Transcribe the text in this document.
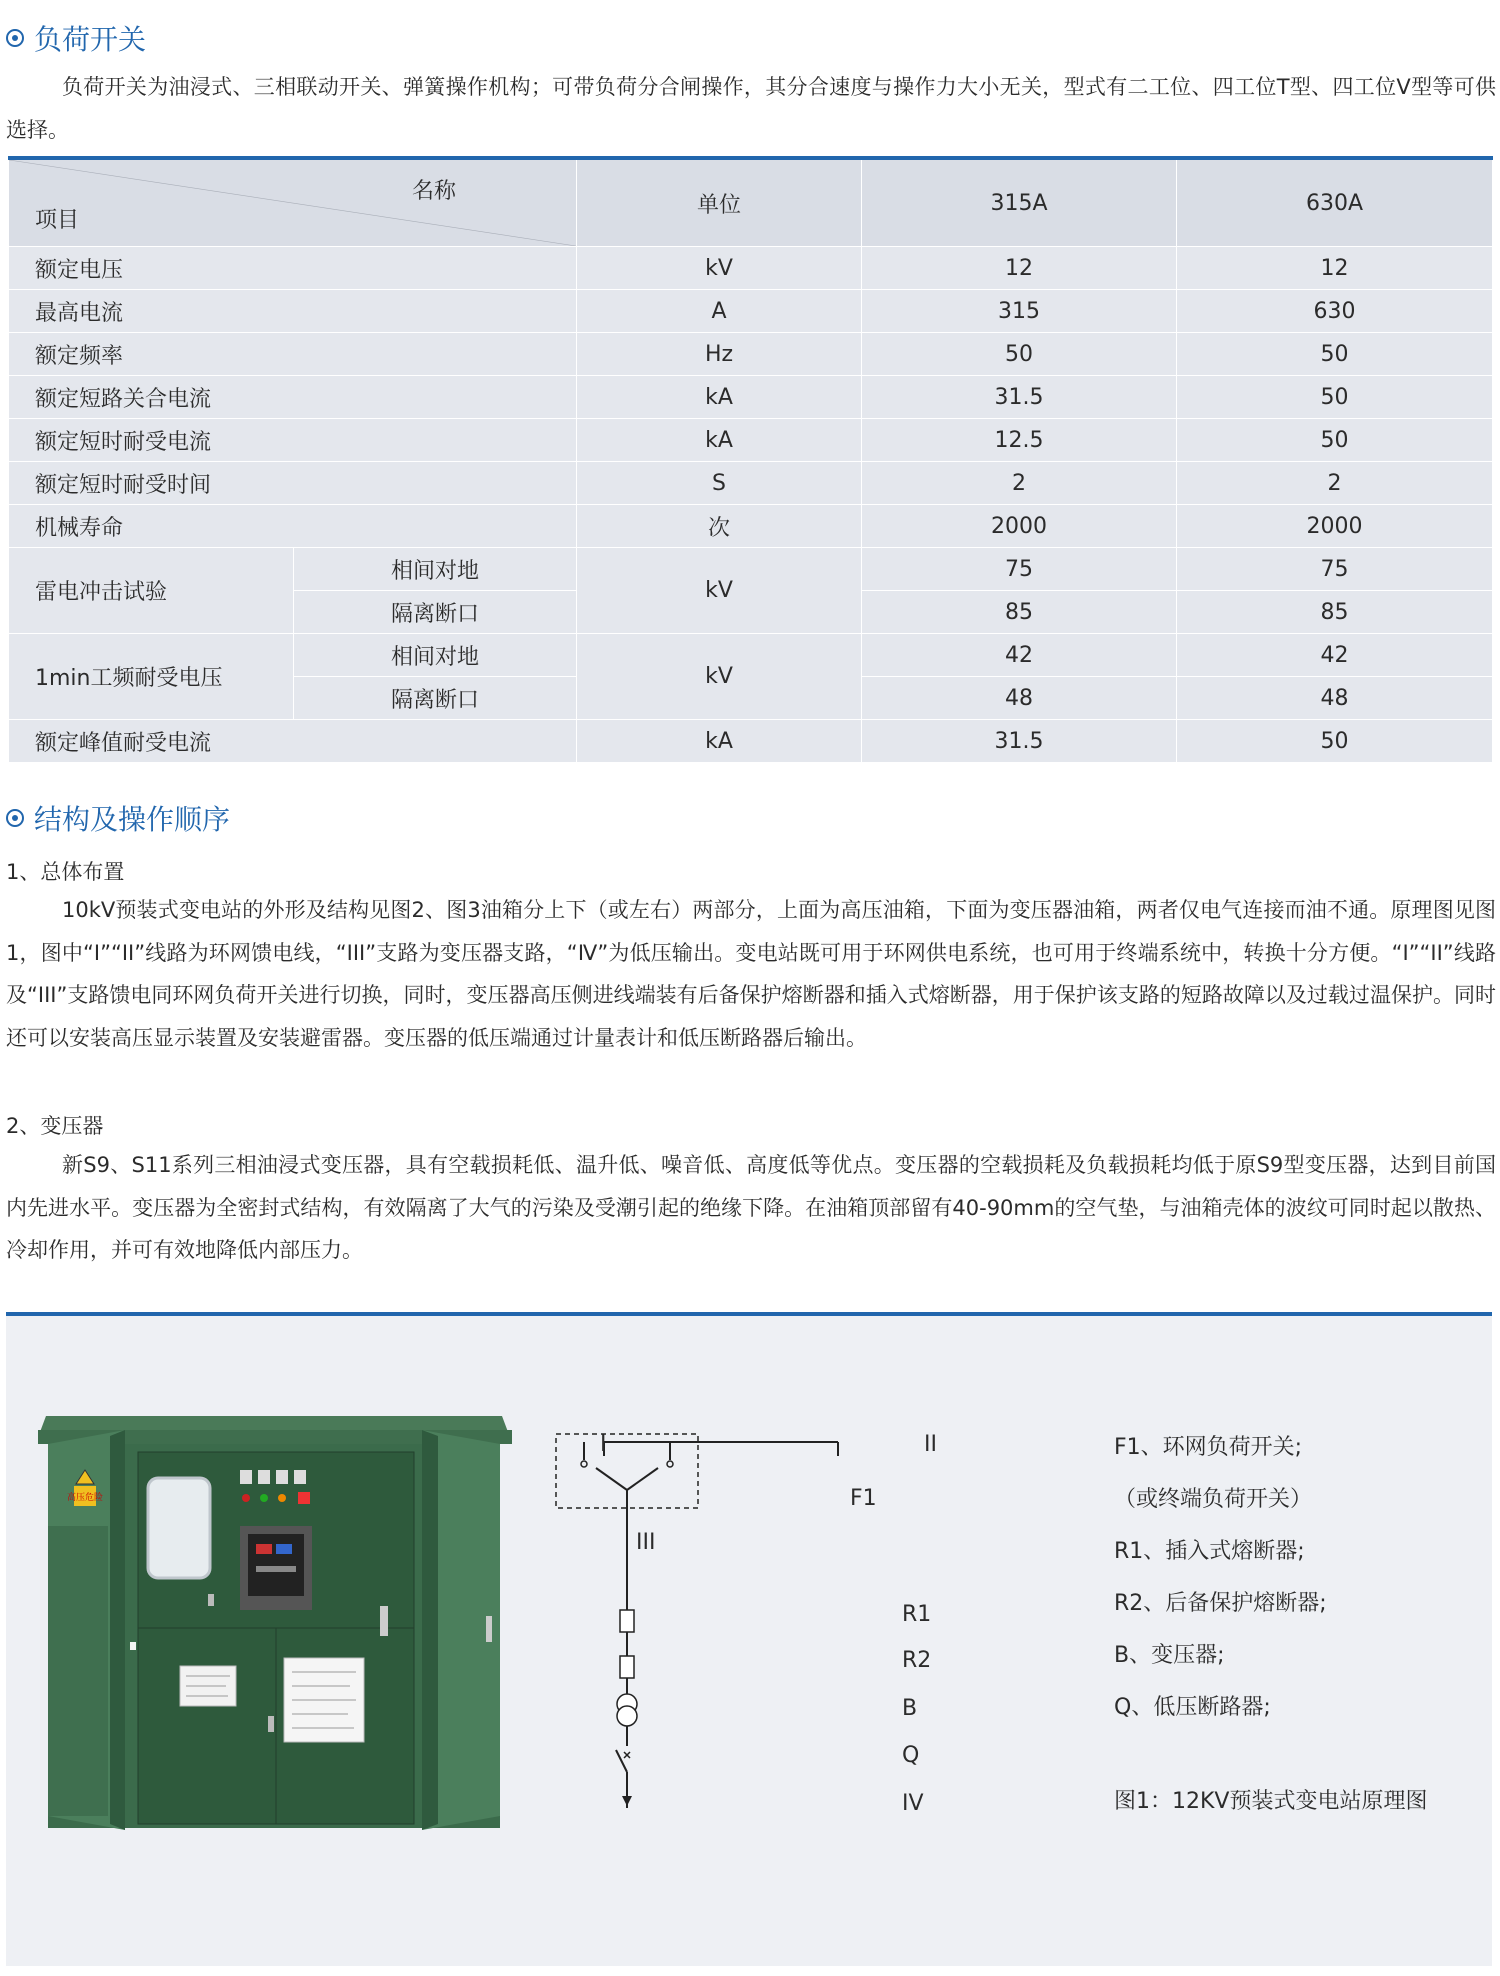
负荷开关

负荷开关为油浸式、三相联动开关、弹簧操作机构；可带负荷分合闸操作，其分合速度与操作力大小无关，型式有二工位、四工位T型、四工位V型等可供选择。

名称
项目		单位	315A	630A
额定电压		kV	12	12
最高电流		A	315	630
额定频率		Hz	50	50
额定短路关合电流		kA	31.5	50
额定短时耐受电流		kA	12.5	50
额定短时耐受时间		S	2	2
机械寿命		次	2000	2000
雷电冲击试验	相间对地	kV	75	75
	隔离断口		85	85
1min工频耐受电压	相间对地	kV	42	42
	隔离断口		48	48
额定峰值耐受电流		kA	31.5	50
结构及操作顺序

1、总体布置

10kV预装式变电站的外形及结构见图2、图3油箱分上下（或左右）两部分，上面为高压油箱，下面为变压器油箱，两者仅电气连接而油不通。原理图见图1，图中“I”“II”线路为环网馈电线，“III”支路为变压器支路，“Ⅳ”为低压输出。变电站既可用于环网供电系统，也可用于终端系统中，转换十分方便。“I”“II”线路及“III”支路馈电同环网负荷开关进行切换，同时，变压器高压侧进线端装有后备保护熔断器和插入式熔断器，用于保护该支路的短路故障以及过载过温保护。同时还可以安装高压显示装置及安装避雷器。变压器的低压端通过计量表计和低压断路器后输出。

2、变压器

新S9、S11系列三相油浸式变压器，具有空载损耗低、温升低、噪音低、高度低等优点。变压器的空载损耗及负载损耗均低于原S9型变压器，达到目前国内先进水平。变压器为全密封式结构，有效隔离了大气的污染及受潮引起的绝缘下降。在油箱顶部留有40-90mm的空气垫，与油箱壳体的波纹可同时起以散热、冷却作用，并可有效地降低内部压力。

高压危险
I	II
F1
III
R1
R2
B
Q
IV

F1、环网负荷开关;

（或终端负荷开关）

R1、插入式熔断器;

R2、后备保护熔断器;

B、变压器;

Q、低压断路器;

图1：12KV预装式变电站原理图
